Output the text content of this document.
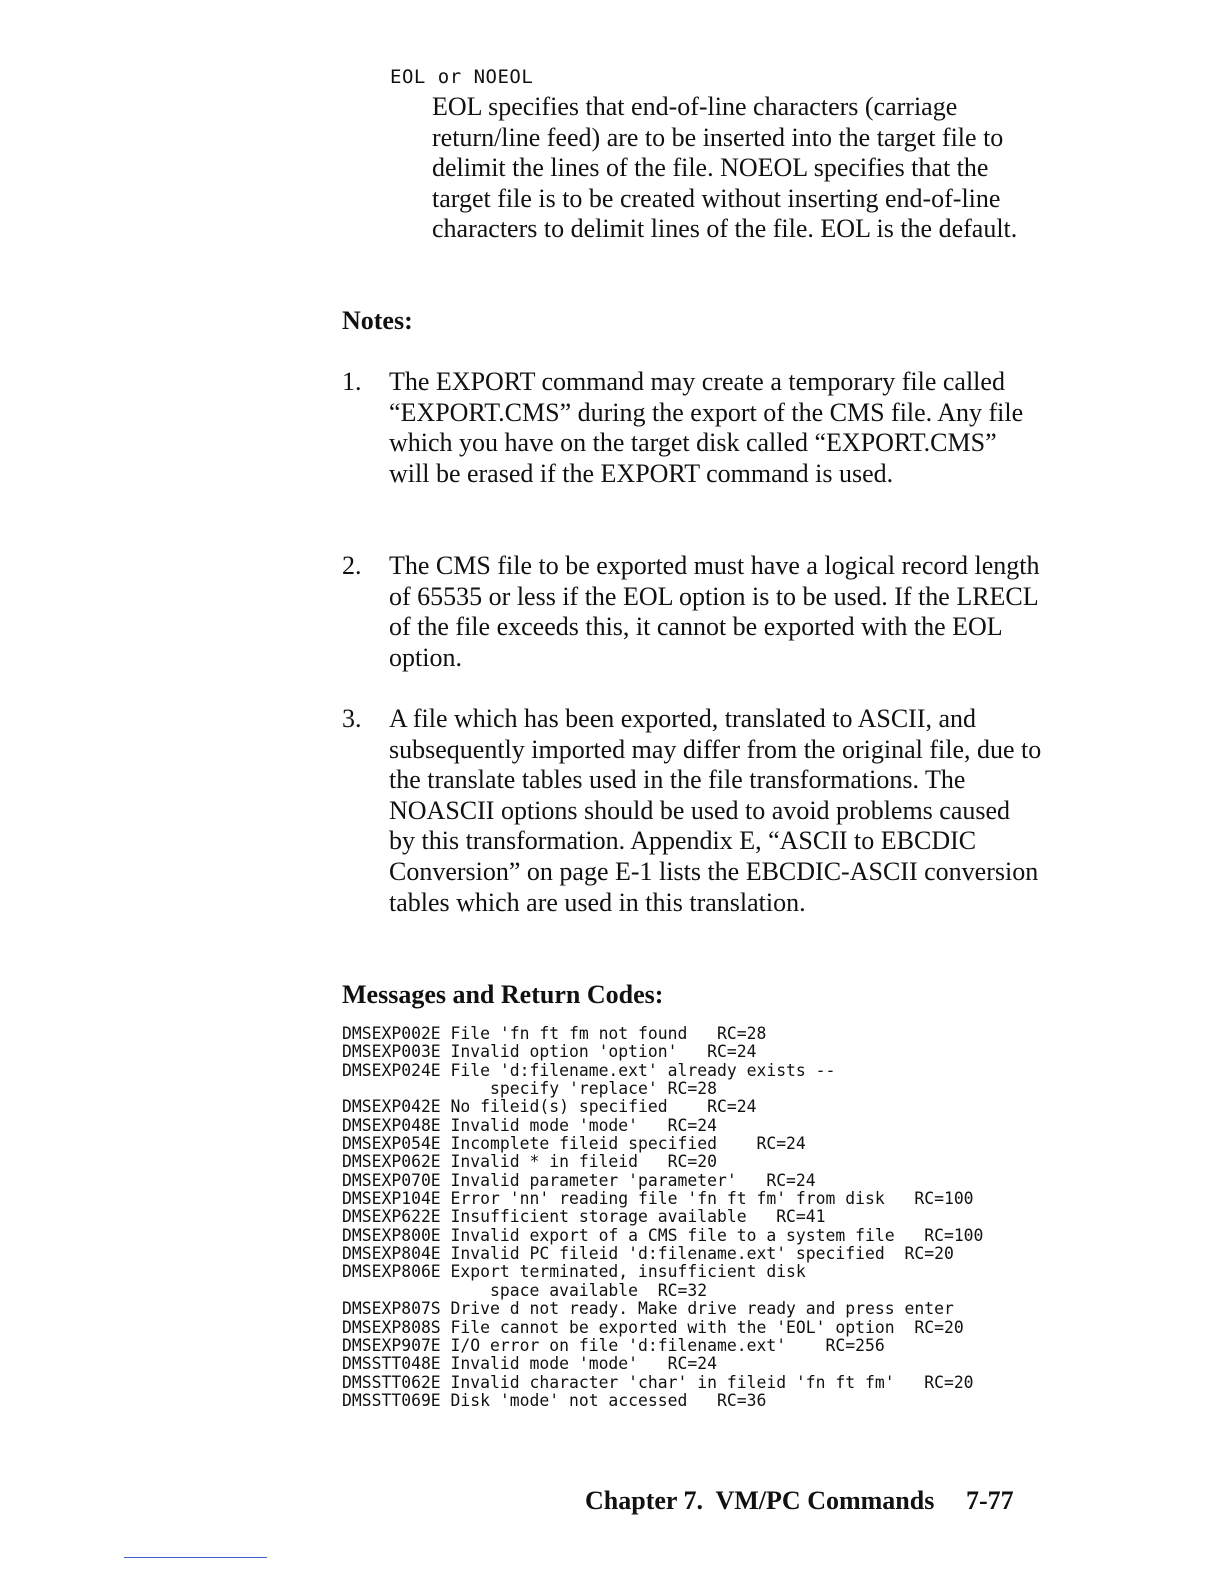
EOL or NOEOL
EOL specifies that end-of-line characters (carriage return/line feed) are to be inserted into the target file to delimit the lines of the file. NOEOL specifies that the target file is to be created without inserting end-of-line characters to delimit lines of the file. EOL is the default.
Notes:
1.	The EXPORT command may create a temporary file called “EXPORT.CMS” during the export of the CMS file. Any file which you have on the target disk called “EXPORT.CMS” will be erased if the EXPORT command is used.
2.	The CMS file to be exported must have a logical record length of 65535 or less if the EOL option is to be used. If the LRECL of the file exceeds this, it cannot be exported with the EOL option.
3.	A file which has been exported, translated to ASCII, and subsequently imported may differ from the original file, due to the translate tables used in the file transformations. The NOASCII options should be used to avoid problems caused by this transformation. Appendix E, “ASCII to EBCDIC Conversion” on page E-1 lists the EBCDIC-ASCII conversion tables which are used in this translation.
Messages and Return Codes:
DMSEXP002E File 'fn ft fm not found   RC=28
DMSEXP003E Invalid option 'option'   RC=24
DMSEXP024E File 'd:filename.ext' already exists --
specify 'replace' RC=28
DMSEXP042E No fileid(s) specified    RC=24
DMSEXP048E Invalid mode 'mode'   RC=24
DMSEXP054E Incomplete fileid specified    RC=24
DMSEXP062E Invalid * in fileid   RC=20
DMSEXP070E Invalid parameter 'parameter'   RC=24
DMSEXP104E Error 'nn' reading file 'fn ft fm' from disk   RC=100
DMSEXP622E Insufficient storage available   RC=41
DMSEXP800E Invalid export of a CMS file to a system file   RC=100
DMSEXP804E Invalid PC fileid 'd:filename.ext' specified  RC=20
DMSEXP806E Export terminated, insufficient disk
space available  RC=32
DMSEXP807S Drive d not ready. Make drive ready and press enter
DMSEXP808S File cannot be exported with the 'EOL' option  RC=20
DMSEXP907E I/O error on file 'd:filename.ext'    RC=256
DMSSTT048E Invalid mode 'mode'   RC=24
DMSSTT062E Invalid character 'char' in fileid 'fn ft fm'   RC=20
DMSSTT069E Disk 'mode' not accessed   RC=36
Chapter 7.  VM/PC Commands 7-77
